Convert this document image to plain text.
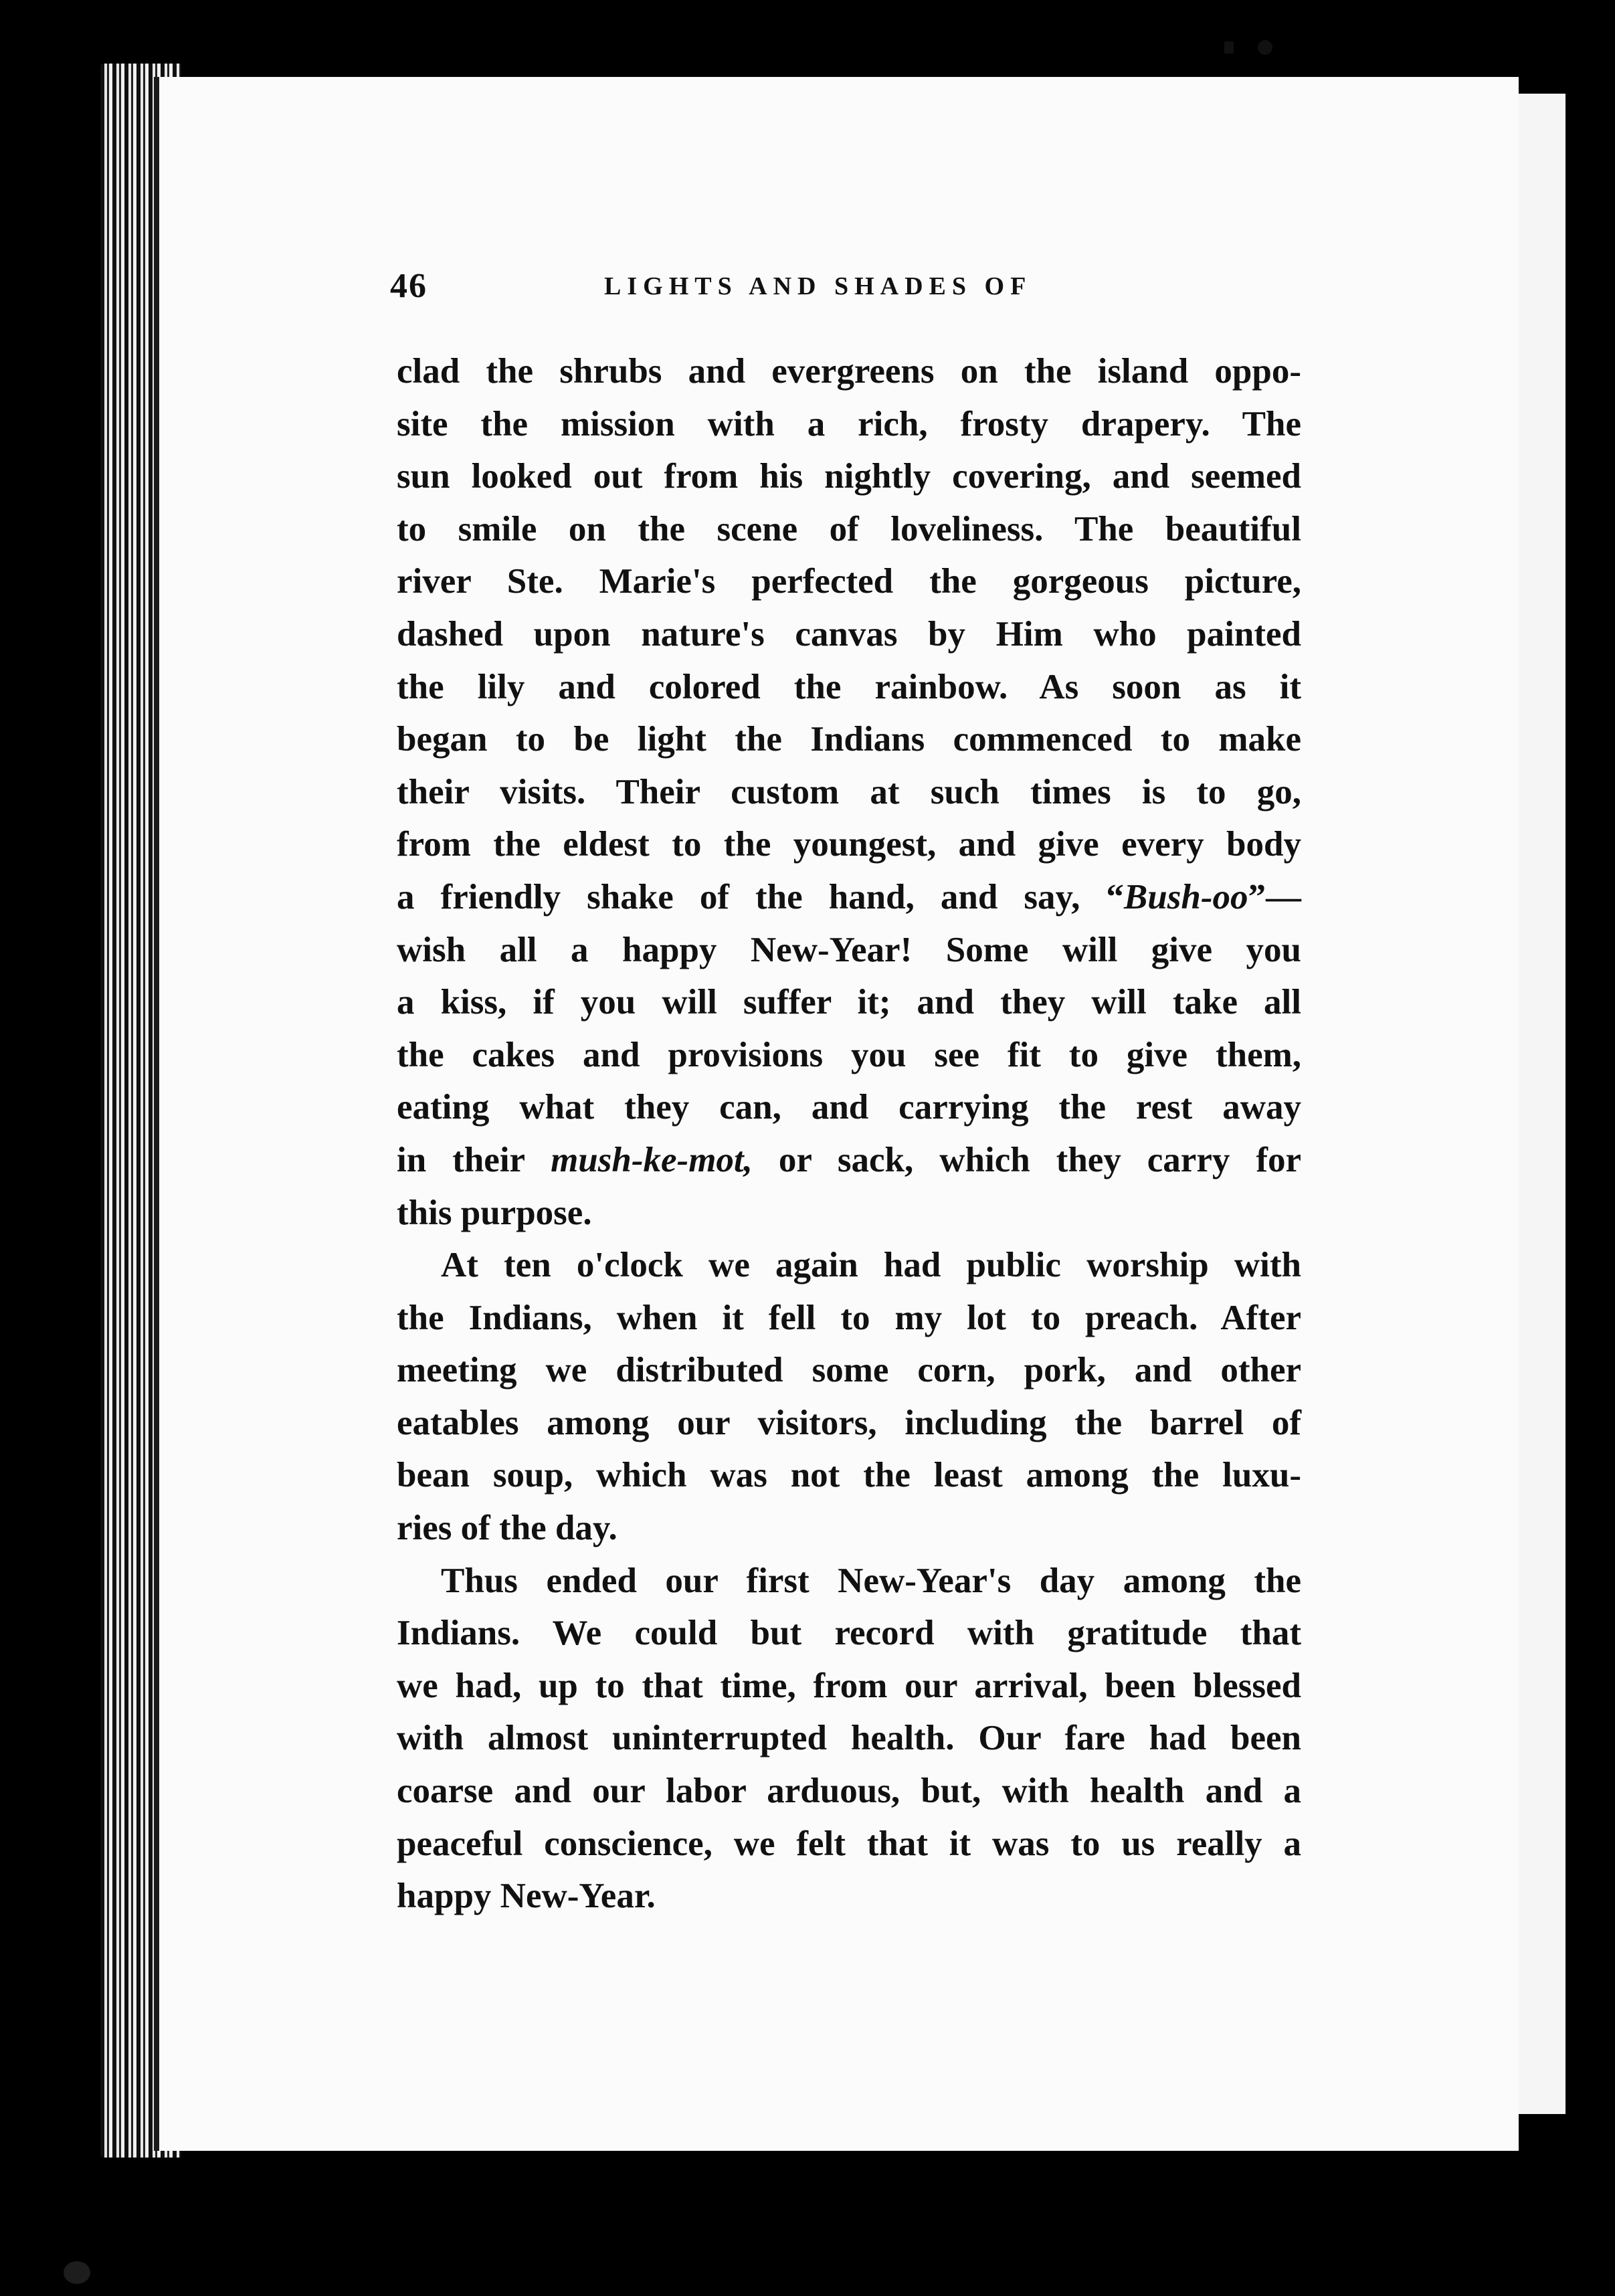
46	LIGHTS AND SHADES OF
clad the shrubs and evergreens on the island oppo-
site the mission with a rich, frosty drapery. The
sun looked out from his nightly covering, and seemed
to smile on the scene of loveliness. The beautiful
river Ste. Marie's perfected the gorgeous picture,
dashed upon nature's canvas by Him who painted
the lily and colored the rainbow. As soon as it
began to be light the Indians commenced to make
their visits. Their custom at such times is to go,
from the eldest to the youngest, and give every body
a friendly shake of the hand, and say, “Bush-oo”—
wish all a happy New-Year! Some will give you
a kiss, if you will suffer it; and they will take all
the cakes and provisions you see fit to give them,
eating what they can, and carrying the rest away
in their mush-ke-mot, or sack, which they carry for
this purpose.
At ten o'clock we again had public worship with
the Indians, when it fell to my lot to preach. After
meeting we distributed some corn, pork, and other
eatables among our visitors, including the barrel of
bean soup, which was not the least among the luxu-
ries of the day.
Thus ended our first New-Year's day among the
Indians. We could but record with gratitude that
we had, up to that time, from our arrival, been blessed
with almost uninterrupted health. Our fare had been
coarse and our labor arduous, but, with health and a
peaceful conscience, we felt that it was to us really a
happy New-Year.
